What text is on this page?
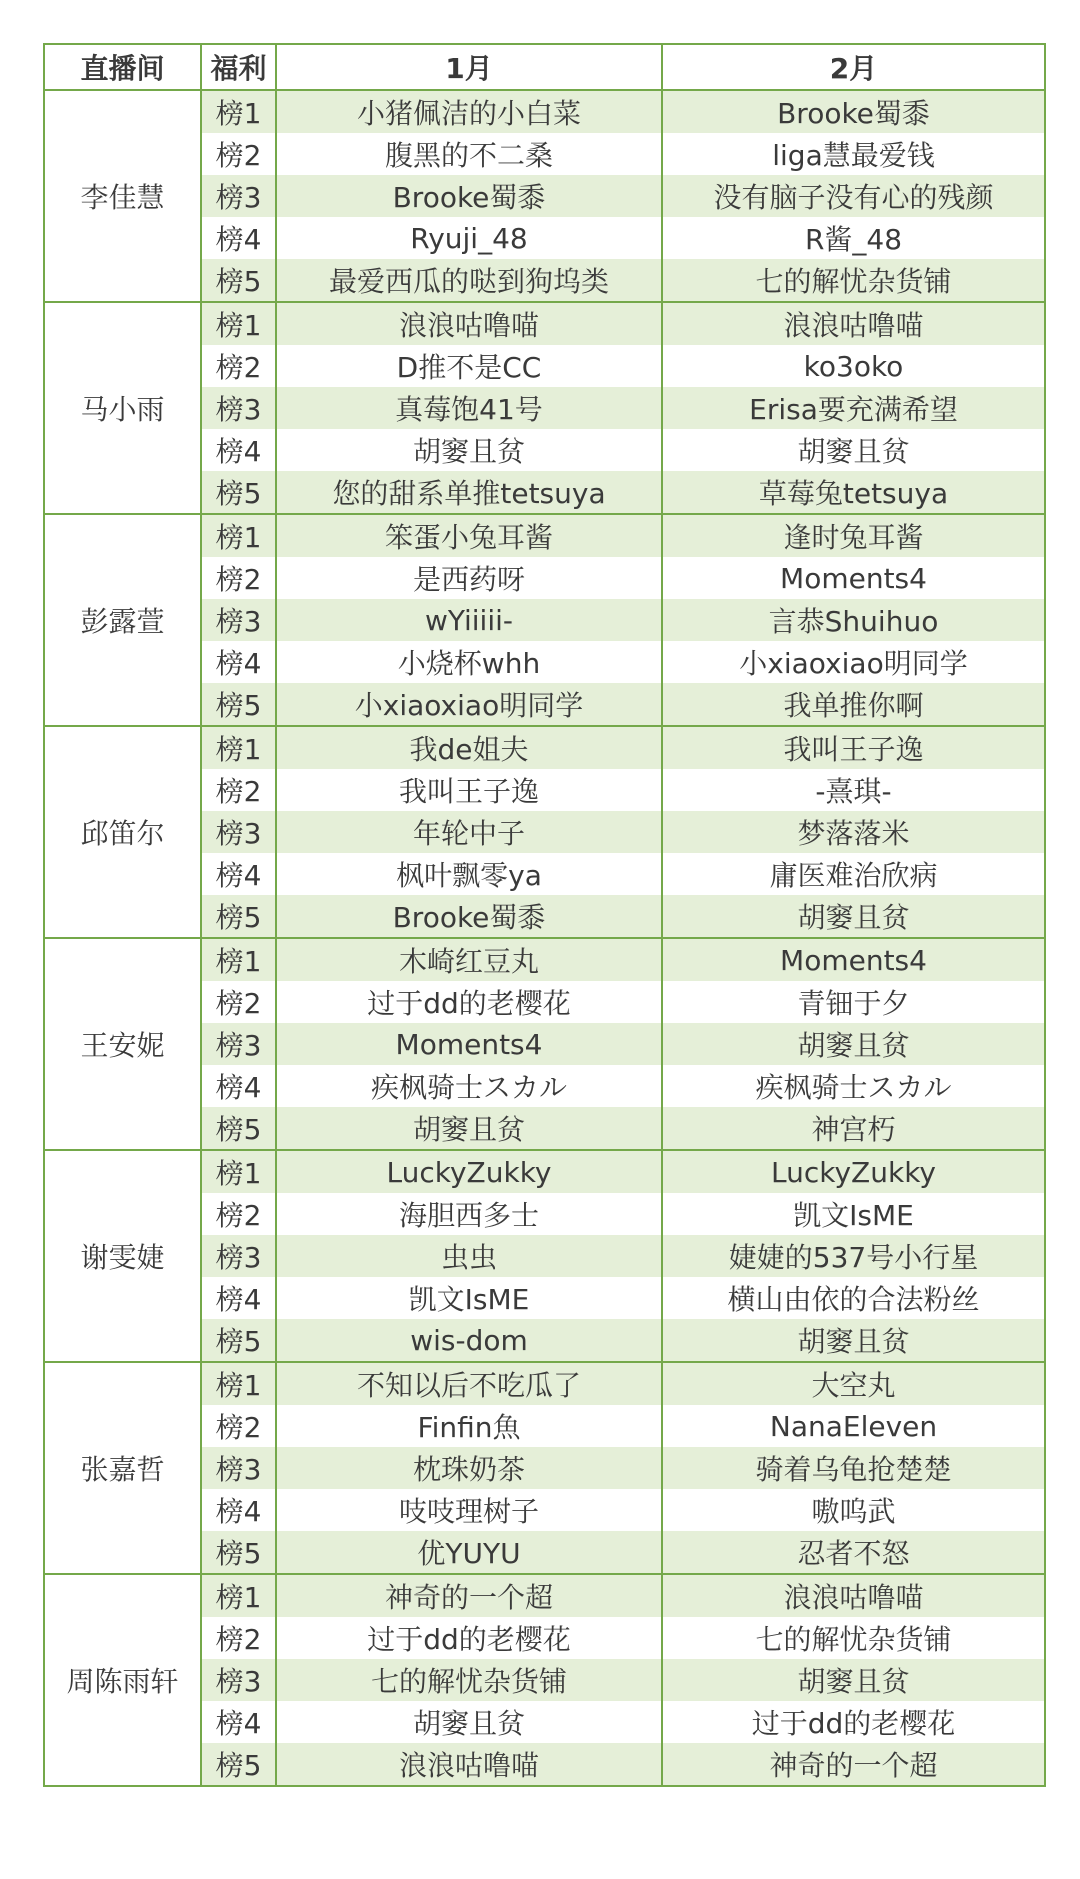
直播间	福利	1月	2月
李佳慧	榜1	小猪佩洁的小白菜	Brooke蜀黍
	榜2	腹黑的不二桑	liga慧最爱钱
	榜3	Brooke蜀黍	没有脑子没有心的残颜
	榜4	Ryuji_48	R酱_48
	榜5	最爱西瓜的哒到狗坞类	七的解忧杂货铺
马小雨	榜1	浪浪咕噜喵	浪浪咕噜喵
	榜2	D推不是CC	ko3oko
	榜3	真莓饱41号	Erisa要充满希望
	榜4	胡窭且贫	胡窭且贫
	榜5	您的甜系单推tetsuya	草莓兔tetsuya
彭露萱	榜1	笨蛋小兔耳酱	逢时兔耳酱
	榜2	是西药呀	Moments4
	榜3	wYiiiii-	言恭Shuihuo
	榜4	小烧杯whh	小xiaoxiao明同学
	榜5	小xiaoxiao明同学	我单推你啊
邱笛尔	榜1	我de姐夫	我叫王子逸
	榜2	我叫王子逸	-熹琪-
	榜3	年轮中子	梦落落米
	榜4	枫叶飘零ya	庸医难治欣病
	榜5	Brooke蜀黍	胡窭且贫
王安妮	榜1	木崎红豆丸	Moments4
	榜2	过于dd的老樱花	青钿于夕
	榜3	Moments4	胡窭且贫
	榜4	疾枫骑士スカル	疾枫骑士スカル
	榜5	胡窭且贫	神宫朽
谢雯婕	榜1	LuckyZukky	LuckyZukky
	榜2	海胆西多士	凯文IsME
	榜3	虫虫	婕婕的537号小行星
	榜4	凯文IsME	横山由依的合法粉丝
	榜5	wis-dom	胡窭且贫
张嘉哲	榜1	不知以后不吃瓜了	大空丸
	榜2	Finfin魚	NanaEleven
	榜3	枕珠奶茶	骑着乌龟抢楚楚
	榜4	吱吱理树子	嗷呜武
	榜5	优YUYU	忍者不怒
周陈雨轩	榜1	神奇的一个超	浪浪咕噜喵
	榜2	过于dd的老樱花	七的解忧杂货铺
	榜3	七的解忧杂货铺	胡窭且贫
	榜4	胡窭且贫	过于dd的老樱花
	榜5	浪浪咕噜喵	神奇的一个超
